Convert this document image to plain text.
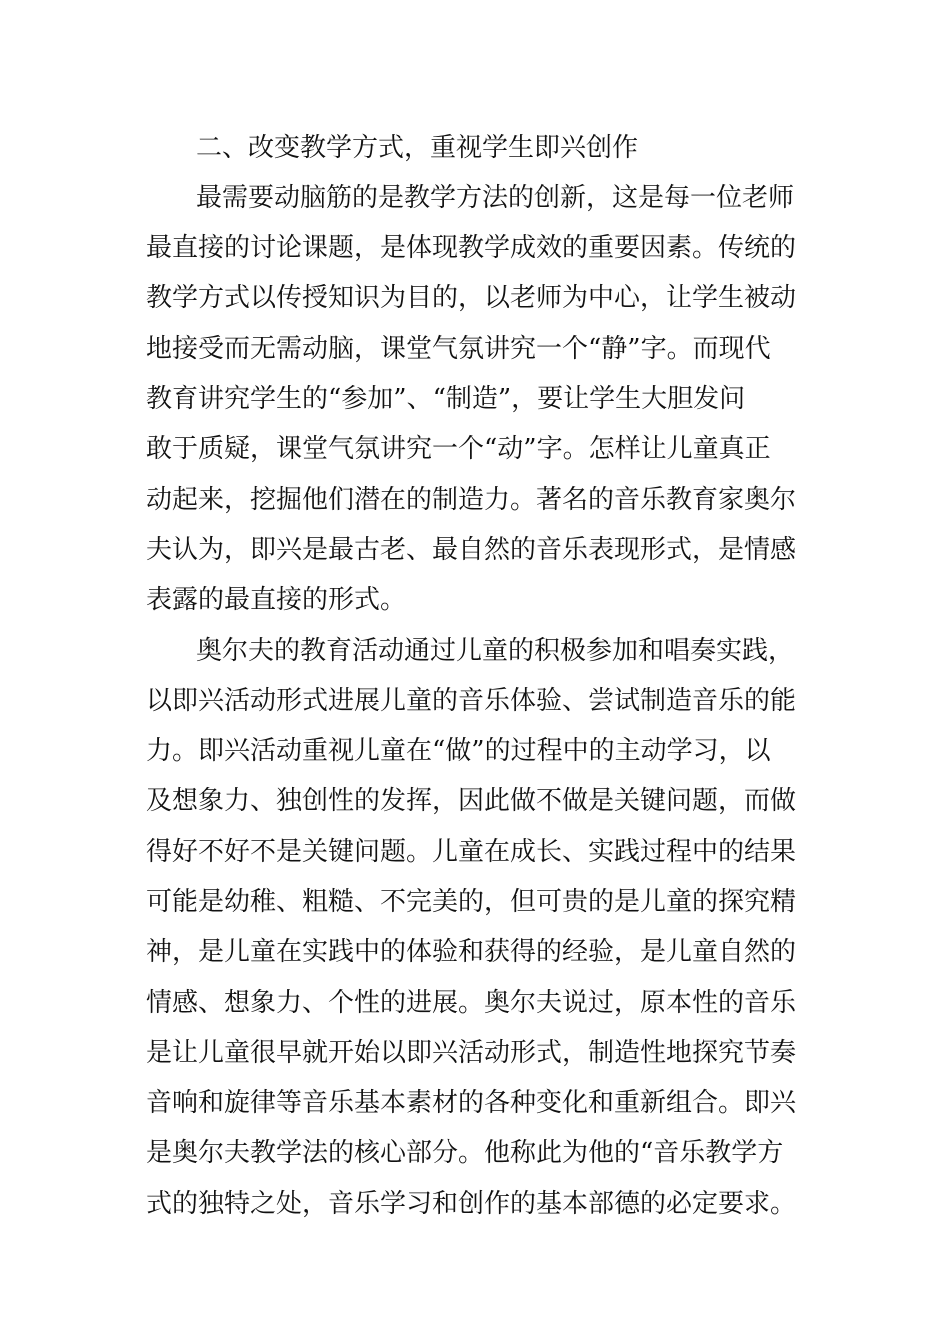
二、改变教学方式，重视学生即兴创作

最需要动脑筋的是教学方法的创新，这是每一位老师

最直接的讨论课题，是体现教学成效的重要因素。传统的

教学方式以传授知识为目的，以老师为中心，让学生被动

地接受而无需动脑，课堂气氛讲究一个“静”字。而现代

教育讲究学生的“参加”、“制造”，要让学生大胆发问

敢于质疑，课堂气氛讲究一个“动”字。怎样让儿童真正

动起来，挖掘他们潜在的制造力。著名的音乐教育家奥尔

夫认为，即兴是最古老、最自然的音乐表现形式，是情感

表露的最直接的形式。

奥尔夫的教育活动通过儿童的积极参加和唱奏实践，

以即兴活动形式进展儿童的音乐体验、尝试制造音乐的能

力。即兴活动重视儿童在“做”的过程中的主动学习，以

及想象力、独创性的发挥，因此做不做是关键问题，而做

得好不好不是关键问题。儿童在成长、实践过程中的结果

可能是幼稚、粗糙、不完美的，但可贵的是儿童的探究精

神，是儿童在实践中的体验和获得的经验，是儿童自然的

情感、想象力、个性的进展。奥尔夫说过，原本性的音乐

是让儿童很早就开始以即兴活动形式，制造性地探究节奏

音响和旋律等音乐基本素材的各种变化和重新组合。即兴

是奥尔夫教学法的核心部分。他称此为他的“音乐教学方

式的独特之处，音乐学习和创作的基本部德的必定要求。
